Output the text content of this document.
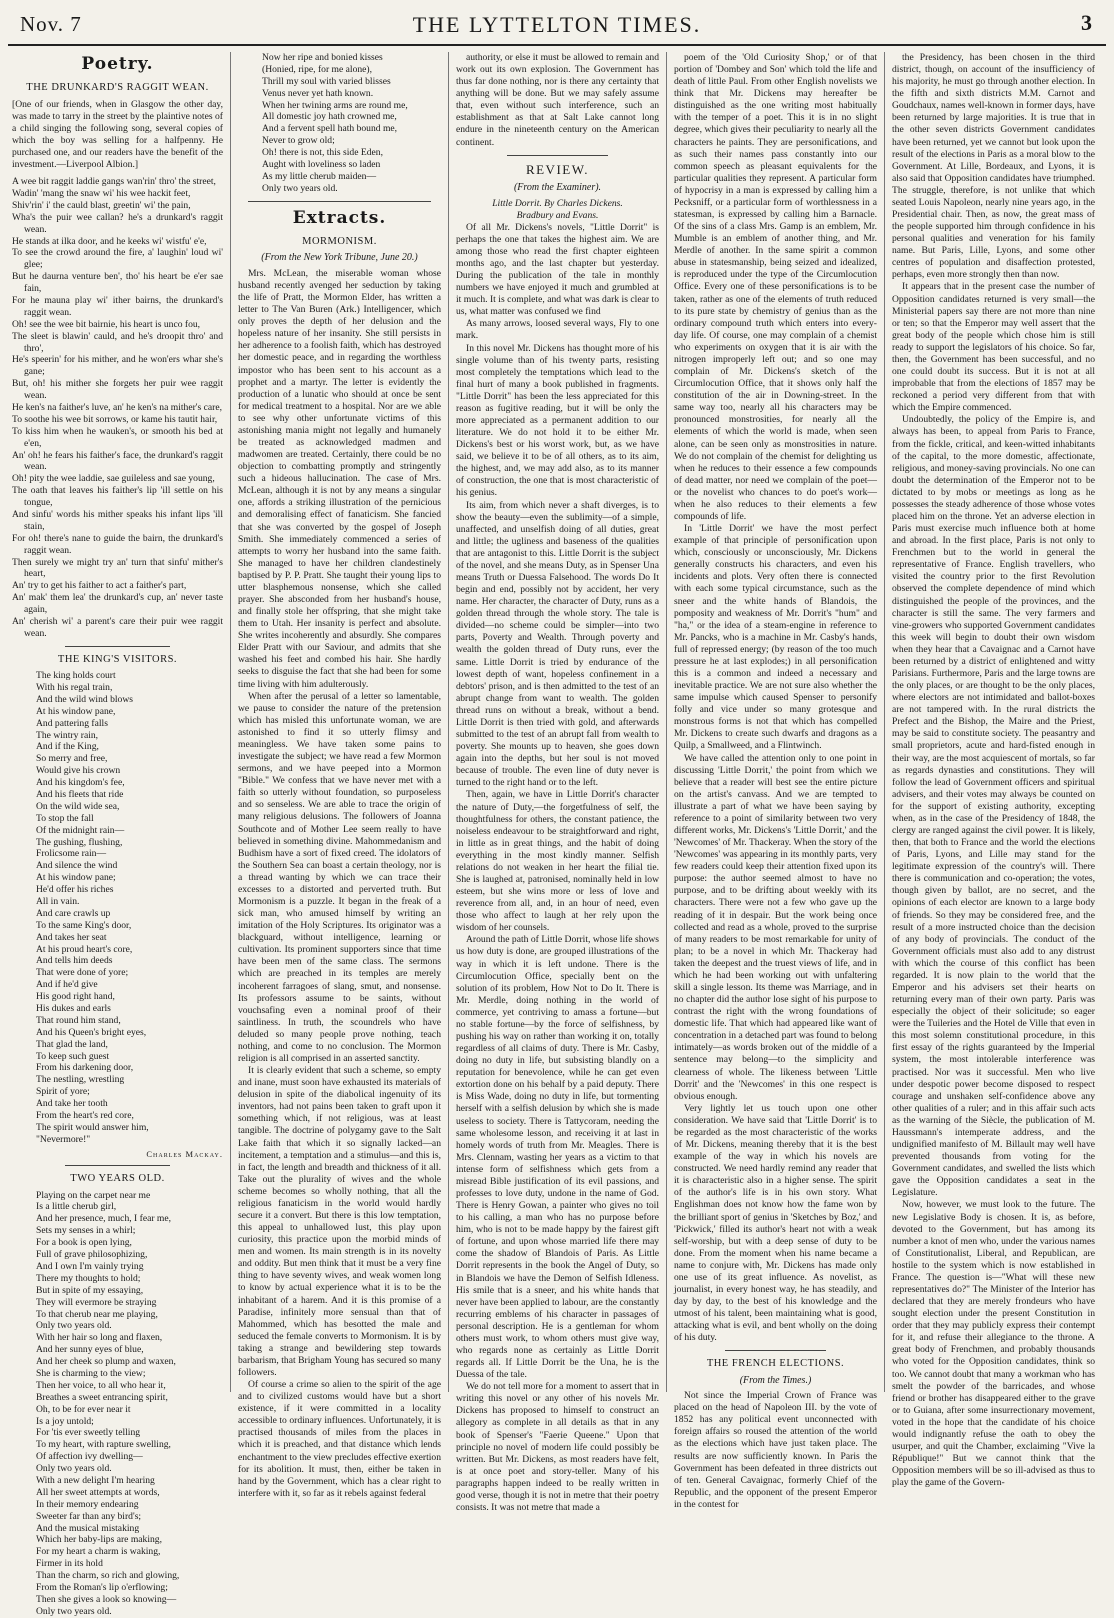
Nov. 7	THE LYTTELTON TIMES.	3
Poetry.
THE DRUNKARD'S RAGGIT WEAN.
[One of our friends, when in Glasgow the other day, was made to tarry in the street by the plaintive notes of a child singing the following song, several copies of which the boy was selling for a halfpenny. He purchased one, and our readers have the benefit of the investment.—Liverpool Albion.]
A wee bit raggit laddie gangs wan'rin' thro' the street,
Wadin' 'mang the snaw wi' his wee hackit feet,
Shiv'rin' i' the cauld blast, greetin' wi' the pain,
Wha's the puir wee callan? he's a drunkard's raggit wean.
He stands at ilka door, and he keeks wi' wistfu' e'e,
To see the crowd around the fire, a' laughin' loud wi' glee;
But he daurna venture ben', tho' his heart be e'er sae fain,
For he mauna play wi' ither bairns, the drunkard's raggit wean.
Oh! see the wee bit bairnie, his heart is unco fou,
The sleet is blawin' cauld, and he's droopit thro' and thro',
He's speerin' for his mither, and he won'ers whar she's gane;
But, oh! his mither she forgets her puir wee raggit wean.
He ken's na faither's luve, an' he ken's na mither's care,
To soothe his wee bit sorrows, or kame his tautit hair,
To kiss him when he wauken's, or smooth his bed at e'en,
An' oh! he fears his faither's face, the drunkard's raggit wean.
Oh! pity the wee laddie, sae guileless and sae young,
The oath that leaves his faither's lip 'ill settle on his tongue,
And sinfu' words his mither speaks his infant lips 'ill stain,
For oh! there's nane to guide the bairn, the drunkard's raggit wean.
Then surely we might try an' turn that sinfu' mither's heart,
An' try to get his faither to act a faither's part,
An' mak' them lea' the drunkard's cup, an' never taste again,
An' cherish wi' a parent's care their puir wee raggit wean.
THE KING'S VISITORS.
The king holds court
With his regal train,
And the wild wind blows
At his window pane,
And pattering falls
The wintry rain,
And if the King,
So merry and free,
Would give his crown
And his kingdom's fee,
And his fleets that ride
On the wild wide sea,
To stop the fall
Of the midnight rain—
The gushing, flushing,
Frolicsome rain—
And silence the wind
At his window pane;
He'd offer his riches
All in vain.
And care crawls up
To the same King's door,
And takes her seat
At his proud heart's core,
And tells him deeds
That were done of yore;
And if he'd give
His good right hand,
His dukes and earls
That round him stand,
And his Queen's bright eyes,
That glad the land,
To keep such guest
From his darkening door,
The nestling, wrestling
Spirit of yore;
And take her tooth
From the heart's red core,
The spirit would answer him,
"Nevermore!"
Charles Mackay.
TWO YEARS OLD.
Playing on the carpet near me
Is a little cherub girl,
And her presence, much, I fear me,
Sets my senses in a whirl;
For a book is open lying,
Full of grave philosophizing,
And I own I'm vainly trying
There my thoughts to hold;
But in spite of my essaying,
They will evermore be straying
To that cherub near me playing,
Only two years old.
With her hair so long and flaxen,
And her sunny eyes of blue,
And her cheek so plump and waxen,
She is charming to the view;
Then her voice, to all who hear it,
Breathes a sweet entrancing spirit,
Oh, to be for ever near it
Is a joy untold;
For 'tis ever sweetly telling
To my heart, with rapture swelling,
Of affection ivy dwelling—
Only two years old.
With a new delight I'm hearing
All her sweet attempts at words,
In their memory endearing
Sweeter far than any bird's;
And the musical mistaking
Which her baby-lips are making,
For my heart a charm is waking,
Firmer in its hold
Than the charm, so rich and glowing,
From the Roman's lip o'erflowing;
Then she gives a look so knowing—
Only two years old.
Now her ripe and bonied kisses
(Honied, ripe, for me alone),
Thrill my soul with varied blisses
Venus never yet hath known.
When her twining arms are round me,
All domestic joy hath crowned me,
And a fervent spell hath bound me,
Never to grow old;
Oh! there is not, this side Eden,
Aught with loveliness so laden
As my little cherub maiden—
Only two years old.
Extracts.
MORMONISM.
(From the New York Tribune, June 20.)

Mrs. McLean, the miserable woman whose husband recently avenged her seduction by taking the life of Pratt, the Mormon Elder, has written a letter to The Van Buren (Ark.) Intelligencer, which only proves the depth of her delusion and the hopeless nature of her insanity. She still persists in her adherence to a foolish faith, which has destroyed her domestic peace, and in regarding the worthless impostor who has been sent to his account as a prophet and a martyr. The letter is evidently the production of a lunatic who should at once be sent for medical treatment to a hospital. Nor are we able to see why other unfortunate victims of this astonishing mania might not legally and humanely be treated as acknowledged madmen and madwomen are treated. Certainly, there could be no objection to combatting promptly and stringently such a hideous hallucination. The case of Mrs. McLean, although it is not by any means a singular one, affords a striking illustration of the pernicious and demoralising effect of fanaticism. She fancied that she was converted by the gospel of Joseph Smith. She immediately commenced a series of attempts to worry her husband into the same faith. She managed to have her children clandestinely baptised by P. P. Pratt. She taught their young lips to utter blasphemous nonsense, which she called prayer. She absconded from her husband's house, and finally stole her offspring, that she might take them to Utah. Her insanity is perfect and absolute. She writes incoherently and absurdly. She compares Elder Pratt with our Saviour, and admits that she washed his feet and combed his hair. She hardly seeks to disguise the fact that she had been for some time living with him adulterously.

When after the perusal of a letter so lamentable, we pause to consider the nature of the pretension which has misled this unfortunate woman, we are astonished to find it so utterly flimsy and meaningless. We have taken some pains to investigate the subject; we have read a few Mormon sermons, and we have peeped into a Mormon "Bible." We confess that we have never met with a faith so utterly without foundation, so purposeless and so senseless. We are able to trace the origin of many religious delusions. The followers of Joanna Southcote and of Mother Lee seem really to have believed in something divine. Mahommedanism and Budhism have a sort of fixed creed. The idolators of the Southern Sea can boast a certain theology, nor is a thread wanting by which we can trace their excesses to a distorted and perverted truth. But Mormonism is a puzzle. It began in the freak of a sick man, who amused himself by writing an imitation of the Holy Scriptures. Its originator was a blackguard, without intelligence, learning or cultivation. Its prominent supporters since that time have been men of the same class. The sermons which are preached in its temples are merely incoherent farragoes of slang, smut, and nonsense. Its professors assume to be saints, without vouchsafing even a nominal proof of their saintliness. In truth, the scoundrels who have deluded so many people prove nothing, teach nothing, and come to no conclusion. The Mormon religion is all comprised in an asserted sanctity.

It is clearly evident that such a scheme, so empty and inane, must soon have exhausted its materials of delusion in spite of the diabolical ingenuity of its inventors, had not pains been taken to graft upon it something which, if not religious, was at least tangible. The doctrine of polygamy gave to the Salt Lake faith that which it so signally lacked—an incitement, a temptation and a stimulus—and this is, in fact, the length and breadth and thickness of it all. Take out the plurality of wives and the whole scheme becomes so wholly nothing, that all the religious fanaticism in the world would hardly secure it a convert. But there is this low temptation, this appeal to unhallowed lust, this play upon curiosity, this practice upon the morbid minds of men and women. Its main strength is in its novelty and oddity. But men think that it must be a very fine thing to have seventy wives, and weak women long to know by actual experience what it is to be the inhabitant of a harem. And it is this promise of a Paradise, infinitely more sensual than that of Mahommed, which has besotted the male and seduced the female converts to Mormonism. It is by taking a strange and bewildering step towards barbarism, that Brigham Young has secured so many followers.

Of course a crime so alien to the spirit of the age and to civilized customs would have but a short existence, if it were committed in a locality accessible to ordinary influences. Unfortunately, it is practised thousands of miles from the places in which it is preached, and that distance which lends enchantment to the view precludes effective exertion for its abolition. It must, then, either be taken in hand by the Government, which has a clear right to interfere with it, so far as it rebels against federal

authority, or else it must be allowed to remain and work out its own explosion. The Government has thus far done nothing, nor is there any certainty that anything will be done. But we may safely assume that, even without such interference, such an establishment as that at Salt Lake cannot long endure in the nineteenth century on the American continent.

REVIEW.
(From the Examiner).
Little Dorrit. By Charles Dickens.
Bradbury and Evans.

Of all Mr. Dickens's novels, "Little Dorrit" is perhaps the one that takes the highest aim. We are among those who read the first chapter eighteen months ago, and the last chapter but yesterday. During the publication of the tale in monthly numbers we have enjoyed it much and grumbled at it much. It is complete, and what was dark is clear to us, what matter was confused we find

As many arrows, loosed several ways, Fly to one mark.

In this novel Mr. Dickens has thought more of his single volume than of his twenty parts, resisting most completely the temptations which lead to the final hurt of many a book published in fragments. "Little Dorrit" has been the less appreciated for this reason as fugitive reading, but it will be only the more appreciated as a permanent addition to our literature. We do not hold it to be either Mr. Dickens's best or his worst work, but, as we have said, we believe it to be of all others, as to its aim, the highest, and, we may add also, as to its manner of construction, the one that is most characteristic of his genius.

Its aim, from which never a shaft diverges, is to show the beauty—even the sublimity—of a simple, unaffected, and unselfish doing of all duties, great and little; the ugliness and baseness of the qualities that are antagonist to this. Little Dorrit is the subject of the novel, and she means Duty, as in Spenser Una means Truth or Duessa Falsehood. The words Do It begin and end, possibly not by accident, her very name. Her character, the character of Duty, runs as a golden thread through the whole story. The tale is divided—no scheme could be simpler—into two parts, Poverty and Wealth. Through poverty and wealth the golden thread of Duty runs, ever the same. Little Dorrit is tried by endurance of the lowest depth of want, hopeless confinement in a debtors' prison, and is then admitted to the test of an abrupt change from want to wealth. The golden thread runs on without a break, without a bend. Little Dorrit is then tried with gold, and afterwards submitted to the test of an abrupt fall from wealth to poverty. She mounts up to heaven, she goes down again into the depths, but her soul is not moved because of trouble. The even line of duty never is turned to the right hand or to the left.

Then, again, we have in Little Dorrit's character the nature of Duty,—the forgetfulness of self, the thoughtfulness for others, the constant patience, the noiseless endeavour to be straightforward and right, in little as in great things, and the habit of doing everything in the most kindly manner. Selfish relations do not weaken in her heart the filial tie. She is laughed at, patronised, nominally held in low esteem, but she wins more or less of love and reverence from all, and, in an hour of need, even those who affect to laugh at her rely upon the wisdom of her counsels.

Around the path of Little Dorrit, whose life shows us how duty is done, are grouped illustrations of the way in which it is left undone. There is the Circumlocution Office, specially bent on the solution of its problem, How Not to Do It. There is Mr. Merdle, doing nothing in the world of commerce, yet contriving to amass a fortune—but no stable fortune—by the force of selfishness, by pushing his way on rather than working it on, totally regardless of all claims of duty. There is Mr. Casby, doing no duty in life, but subsisting blandly on a reputation for benevolence, while he can get even extortion done on his behalf by a paid deputy. There is Miss Wade, doing no duty in life, but tormenting herself with a selfish delusion by which she is made useless to society. There is Tattycoram, needing the same wholesome lesson, and receiving it at last in homely words of truth from Mr. Meagles. There is Mrs. Clennam, wasting her years as a victim to that intense form of selfishness which gets from a misread Bible justification of its evil passions, and professes to love duty, undone in the name of God. There is Henry Gowan, a painter who gives no toil to his calling, a man who has no purpose before him, who is not to be made happy by the fairest gift of fortune, and upon whose married life there may come the shadow of Blandois of Paris. As Little Dorrit represents in the book the Angel of Duty, so in Blandois we have the Demon of Selfish Idleness. His smile that is a sneer, and his white hands that never have been applied to labour, are the constantly recurring emblems of his character in passages of personal description. He is a gentleman for whom others must work, to whom others must give way, who regards none as certainly as Little Dorrit regards all. If Little Dorrit be the Una, he is the Duessa of the tale.

We do not tell more for a moment to assert that in writing this novel or any other of his novels Mr. Dickens has proposed to himself to construct an allegory as complete in all details as that in any book of Spenser's "Faerie Queene." Upon that principle no novel of modern life could possibly be written. But Mr. Dickens, as most readers have felt, is at once poet and story-teller. Many of his paragraphs happen indeed to be really written in good verse, though it is not in metre that their poetry consists. It was not metre that made a

poem of the 'Old Curiosity Shop,' or of that portion of 'Dombey and Son' which told the life and death of little Paul. From other English novelists we think that Mr. Dickens may hereafter be distinguished as the one writing most habitually with the temper of a poet. This it is in no slight degree, which gives their peculiarity to nearly all the characters he paints. They are personifications, and as such their names pass constantly into our common speech as pleasant equivalents for the particular qualities they represent. A particular form of hypocrisy in a man is expressed by calling him a Pecksniff, or a particular form of worthlessness in a statesman, is expressed by calling him a Barnacle. Of the sins of a class Mrs. Gamp is an emblem, Mr. Mumble is an emblem of another thing, and Mr. Merdle of another. In the same spirit a common abuse in statesmanship, being seized and idealized, is reproduced under the type of the Circumlocution Office. Every one of these personifications is to be taken, rather as one of the elements of truth reduced to its pure state by chemistry of genius than as the ordinary compound truth which enters into every-day life. Of course, one may complain of a chemist who experiments on oxygen that it is air with the nitrogen improperly left out; and so one may complain of Mr. Dickens's sketch of the Circumlocution Office, that it shows only half the constitution of the air in Downing-street. In the same way too, nearly all his characters may be pronounced monstrosities, for nearly all the elements of which the world is made, when seen alone, can be seen only as monstrosities in nature. We do not complain of the chemist for delighting us when he reduces to their essence a few compounds of dead matter, nor need we complain of the poet—or the novelist who chances to do poet's work—when he also reduces to their elements a few compounds of life.

In 'Little Dorrit' we have the most perfect example of that principle of personification upon which, consciously or unconsciously, Mr. Dickens generally constructs his characters, and even his incidents and plots. Very often there is connected with each some typical circumstance, such as the sneer and the white hands of Blandois, the pomposity and weakness of Mr. Dorrit's "hum" and "ha," or the idea of a steam-engine in reference to Mr. Pancks, who is a machine in Mr. Casby's hands, full of repressed energy; (by reason of the too much pressure he at last explodes;) in all personification this is a common and indeed a necessary and inevitable practice. We are not sure also whether the same impulse which caused Spenser to personify folly and vice under so many grotesque and monstrous forms is not that which has compelled Mr. Dickens to create such dwarfs and dragons as a Quilp, a Smallweed, and a Flintwinch.

We have called the attention only to one point in discussing 'Little Dorrit,' the point from which we believe that a reader will best see the entire picture on the artist's canvass. And we are tempted to illustrate a part of what we have been saying by reference to a point of similarity between two very different works, Mr. Dickens's 'Little Dorrit,' and the 'Newcomes' of Mr. Thackeray. When the story of the 'Newcomes' was appearing in its monthly parts, very few readers could keep their attention fixed upon its purpose: the author seemed almost to have no purpose, and to be drifting about weekly with its characters. There were not a few who gave up the reading of it in despair. But the work being once collected and read as a whole, proved to the surprise of many readers to be most remarkable for unity of plan; to be a novel in which Mr. Thackeray had taken the deepest and the truest views of life, and in which he had been working out with unfaltering skill a single lesson. Its theme was Marriage, and in no chapter did the author lose sight of his purpose to contrast the right with the wrong foundations of domestic life. That which had appeared like want of concentration in a detached part was found to belong intimately—as words broken out of the middle of a sentence may belong—to the simplicity and clearness of whole. The likeness between 'Little Dorrit' and the 'Newcomes' in this one respect is obvious enough.

Very lightly let us touch upon one other consideration. We have said that 'Little Dorrit' is to be regarded as the most characteristic of the works of Mr. Dickens, meaning thereby that it is the best example of the way in which his novels are constructed. We need hardly remind any reader that it is characteristic also in a higher sense. The spirit of the author's life is in his own story. What Englishman does not know how the fame won by the brilliant sport of genius in 'Sketches by Boz,' and 'Pickwick,' filled its author's heart not with a weak self-worship, but with a deep sense of duty to be done. From the moment when his name became a name to conjure with, Mr. Dickens has made only one use of its great influence. As novelist, as journalist, in every honest way, he has steadily, and day by day, to the best of his knowledge and the utmost of his talent, been maintaining what is good, attacking what is evil, and bent wholly on the doing of his duty.

THE FRENCH ELECTIONS.
(From the Times.)

Not since the Imperial Crown of France was placed on the head of Napoleon III. by the vote of 1852 has any political event unconnected with foreign affairs so roused the attention of the world as the elections which have just taken place. The results are now sufficiently known. In Paris the Government has been defeated in three districts out of ten. General Cavaignac, formerly Chief of the Republic, and the opponent of the present Emperor in the contest for

the Presidency, has been chosen in the third district, though, on account of the insufficiency of his majority, he must go through another election. In the fifth and sixth districts M.M. Carnot and Goudchaux, names well-known in former days, have been returned by large majorities. It is true that in the other seven districts Government candidates have been returned, yet we cannot but look upon the result of the elections in Paris as a moral blow to the Government. At Lille, Bordeaux, and Lyons, it is also said that Opposition candidates have triumphed. The struggle, therefore, is not unlike that which seated Louis Napoleon, nearly nine years ago, in the Presidential chair. Then, as now, the great mass of the people supported him through confidence in his personal qualities and veneration for his family name. But Paris, Lille, Lyons, and some other centres of population and disaffection protested, perhaps, even more strongly then than now.

It appears that in the present case the number of Opposition candidates returned is very small—the Ministerial papers say there are not more than nine or ten; so that the Emperor may well assert that the great body of the people which chose him is still ready to support the legislators of his choice. So far, then, the Government has been successful, and no one could doubt its success. But it is not at all improbable that from the elections of 1857 may be reckoned a period very different from that with which the Empire commenced.

Undoubtedly, the policy of the Empire is, and always has been, to appeal from Paris to France, from the fickle, critical, and keen-witted inhabitants of the capital, to the more domestic, affectionate, religious, and money-saving provincials. No one can doubt the determination of the Emperor not to be dictated to by mobs or meetings as long as he possesses the steady adherence of those whose votes placed him on the throne. Yet an adverse election in Paris must exercise much influence both at home and abroad. In the first place, Paris is not only to Frenchmen but to the world in general the representative of France. English travellers, who visited the country prior to the first Revolution observed the complete dependence of mind which distinguished the people of the provinces, and the character is still the same. The very farmers and vine-growers who supported Government candidates this week will begin to doubt their own wisdom when they hear that a Cavaignac and a Carnot have been returned by a district of enlightened and witty Parisians. Furthermore, Paris and the large towns are the only places, or are thought to be the only places, where electors are not intimidated and ballot-boxes are not tampered with. In the rural districts the Prefect and the Bishop, the Maire and the Priest, may be said to constitute society. The peasantry and small proprietors, acute and hard-fisted enough in their way, are the most acquiescent of mortals, so far as regards dynasties and constitutions. They will follow the lead of Government officers and spiritual advisers, and their votes may always be counted on for the support of existing authority, excepting when, as in the case of the Presidency of 1848, the clergy are ranged against the civil power. It is likely, then, that both to France and the world the elections of Paris, Lyons, and Lille may stand for the legitimate expression of the country's will. There there is communication and co-operation; the votes, though given by ballot, are no secret, and the opinions of each elector are known to a large body of friends. So they may be considered free, and the result of a more instructed choice than the decision of any body of provincials. The conduct of the Government officials must also add to any distrust with which the course of this conflict has been regarded. It is now plain to the world that the Emperor and his advisers set their hearts on returning every man of their own party. Paris was especially the object of their solicitude; so eager were the Tuileries and the Hotel de Ville that even in this most solemn constitutional procedure, in this first essay of the rights guaranteed by the Imperial system, the most intolerable interference was practised. Nor was it successful. Men who live under despotic power become disposed to respect courage and unshaken self-confidence above any other qualities of a ruler; and in this affair such acts as the warning of the Siècle, the publication of M. Haussmann's intemperate address, and the undignified manifesto of M. Billault may well have prevented thousands from voting for the Government candidates, and swelled the lists which gave the Opposition candidates a seat in the Legislature.

Now, however, we must look to the future. The new Legislative Body is chosen. It is, as before, devoted to the Government, but has among its number a knot of men who, under the various names of Constitutionalist, Liberal, and Republican, are hostile to the system which is now established in France. The question is—"What will these new representatives do?" The Minister of the Interior has declared that they are merely frondeurs who have sought election under the present Constitution in order that they may publicly express their contempt for it, and refuse their allegiance to the throne. A great body of Frenchmen, and probably thousands who voted for the Opposition candidates, think so too. We cannot doubt that many a workman who has smelt the powder of the barricades, and whose friend or brother has disappeared either to the grave or to Guiana, after some insurrectionary movement, voted in the hope that the candidate of his choice would indignantly refuse the oath to obey the usurper, and quit the Chamber, exclaiming "Vive la République!" But we cannot think that the Opposition members will be so ill-advised as thus to play the game of the Govern-
